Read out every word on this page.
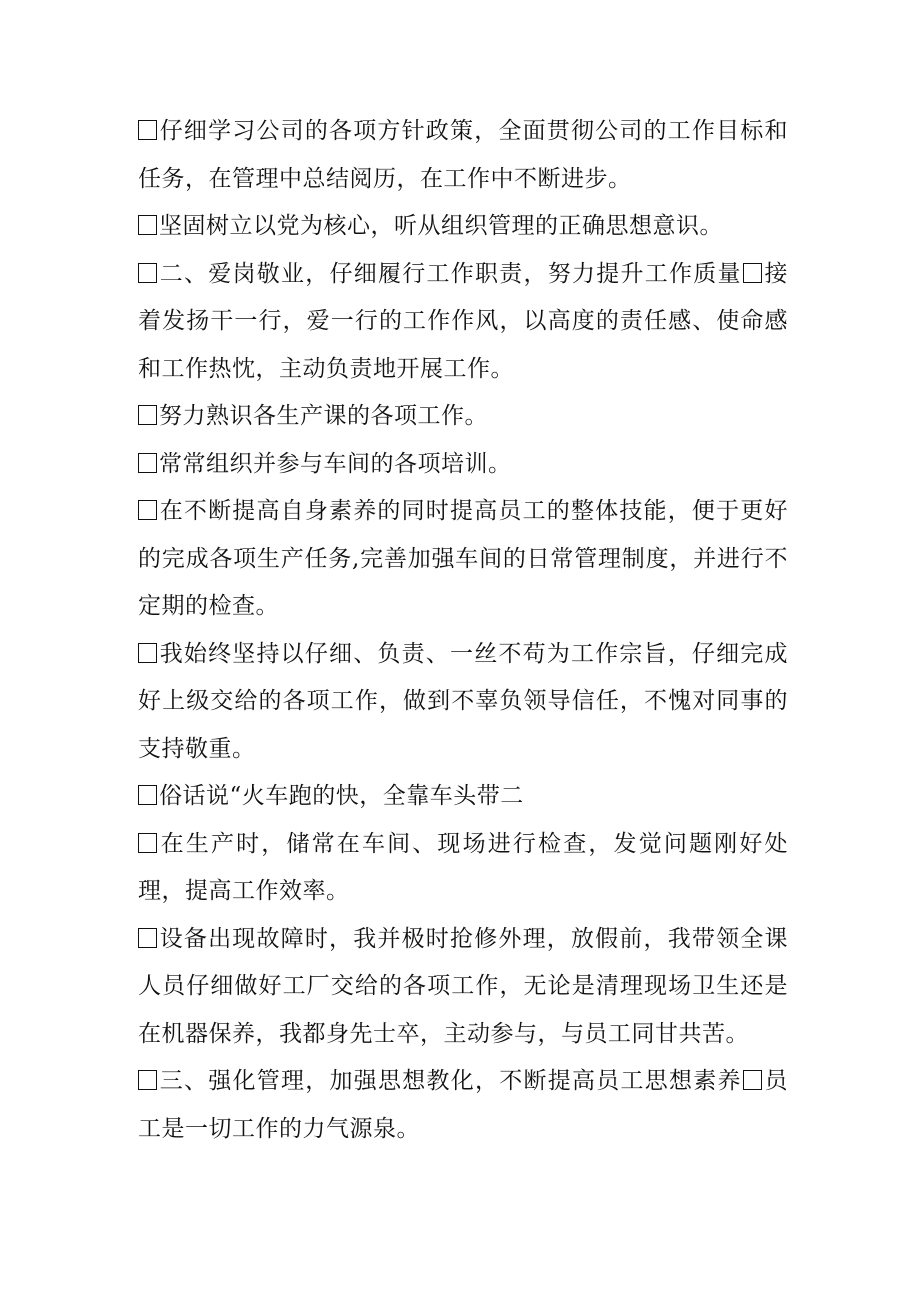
仔细学习公司的各项方针政策，全面贯彻公司的工作目标和任务，在管理中总结阅历，在工作中不断进步。

坚固树立以党为核心，听从组织管理的正确思想意识。

二、爱岗敬业，仔细履行工作职责，努力提升工作质量 接着发扬干一行，爱一行的工作作风，以高度的责任感、使命感和工作热忱，主动负责地开展工作。

努力熟识各生产课的各项工作。

常常组织并参与车间的各项培训。

在不断提高自身素养的同时提高员工的整体技能，便于更好的完成各项生产任务,完善加强车间的日常管理制度，并进行不定期的检查。

我始终坚持以仔细、负责、一丝不苟为工作宗旨，仔细完成好上级交给的各项工作，做到不辜负领导信任，不愧对同事的支持敬重。

俗话说“火车跑的快，全靠车头带二

在生产时，储常在车间、现场进行检查，发觉问题刚好处理，提高工作效率。

设备出现故障时，我并极时抢修外理，放假前，我带领全课人员仔细做好工厂交给的各项工作，无论是清理现场卫生还是在机器保养，我都身先士卒，主动参与，与员工同甘共苦。

三、强化管理，加强思想教化，不断提高员工思想素养 员工是一切工作的力气源泉。
